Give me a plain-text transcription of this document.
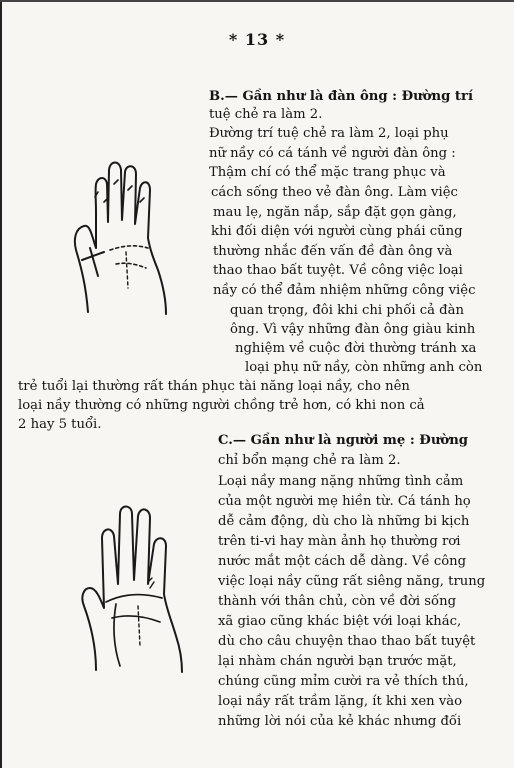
* 13 *
B.— Gần như là đàn ông : Đường trí
tuệ chẻ ra làm 2.
Đường trí tuệ chẻ ra làm 2, loại phụ
nữ nầy có cá tánh về người đàn ông :
Thậm chí có thể mặc trang phục và
cách sống theo vẻ đàn ông. Làm việc
mau lẹ, ngăn nắp, sắp đặt gọn gàng,
khi đối diện với người cùng phái cũng
thường nhắc đến vấn đề đàn ông và
thao thao bất tuyệt. Về công việc loại
nầy có thể đảm nhiệm những công việc
quan trọng, đôi khi chi phối cả đàn
ông. Vì vậy những đàn ông giàu kinh
nghiệm về cuộc đời thường tránh xa
loại phụ nữ nầy, còn những anh còn
trẻ tuổi lại thường rất thán phục tài năng loại nầy, cho nên
loại nầy thường có những người chồng trẻ hơn, có khi non cả
2 hay 5 tuổi.
C.— Gần như là người mẹ : Đường
chỉ bổn mạng chẻ ra làm 2.
Loại nầy mang nặng những tình cảm
của một người mẹ hiền từ. Cá tánh họ
dễ cảm động, dù cho là những bi kịch
trên ti-vi hay màn ảnh họ thường rơi
nước mắt một cách dễ dàng. Về công
việc loại nầy cũng rất siêng năng, trung
thành với thân chủ, còn về đời sống
xã giao cũng khác biệt với loại khác,
dù cho câu chuyện thao thao bất tuyệt
lại nhàm chán người bạn trước mặt,
chúng cũng mỉm cười ra vẻ thích thú,
loại nầy rất trầm lặng, ít khi xen vào
những lời nói của kẻ khác nhưng đối
